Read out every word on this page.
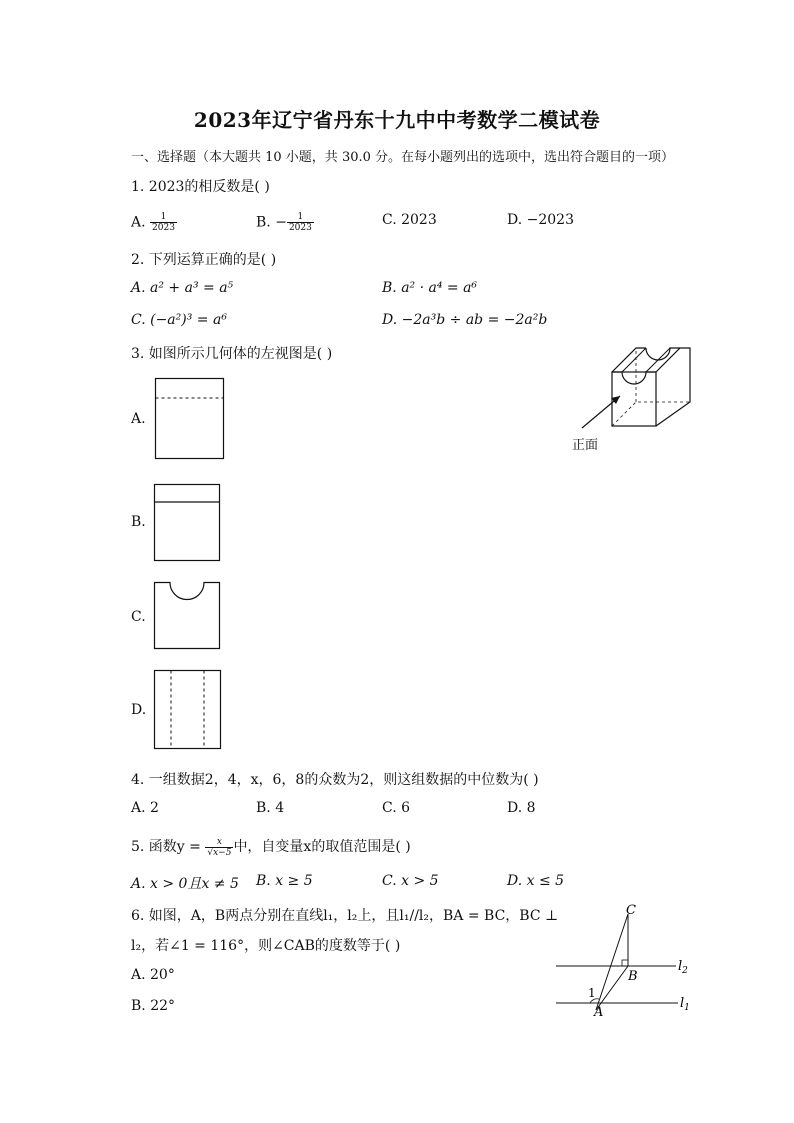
2023年辽宁省丹东十九中中考数学二模试卷
一、选择题（本大题共 10 小题，共 30.0 分。在每小题列出的选项中，选出符合题目的一项）
1. 2023的相反数是( )
A. $\frac{1}{2023}$	B. − $\frac{1}{2023}$	C. 2023	D. −2023
2. 下列运算正确的是( )
A. a² + a³ = a⁵	B. a² · a⁴ = a⁶
C. (−a²)³ = a⁶	D. −2a³b ÷ ab = −2a²b
3. 如图所示几何体的左视图是( )
正面
A.
B.
C.
D.
4. 一组数据2，4，x，6，8的众数为2，则这组数据的中位数为( )
A. 2	B. 4	C. 6	D. 8
5. 函数$y = \frac{x}{√x-5}$ 中，自变量x的取值范围是( )
A. x > 0且x ≠ 5 B. x ≥ 5	C. x > 5	D. x ≤ 5
6. 如图，A，B两点分别在直线l₁，l₂上，且l₁//l₂，BA = BC，BC ⊥
l₂，若∠1 = 116°，则∠CAB的度数等于( )
A. 20°
B. 22°
C
B
A
1
$l_2$
$l_1$
